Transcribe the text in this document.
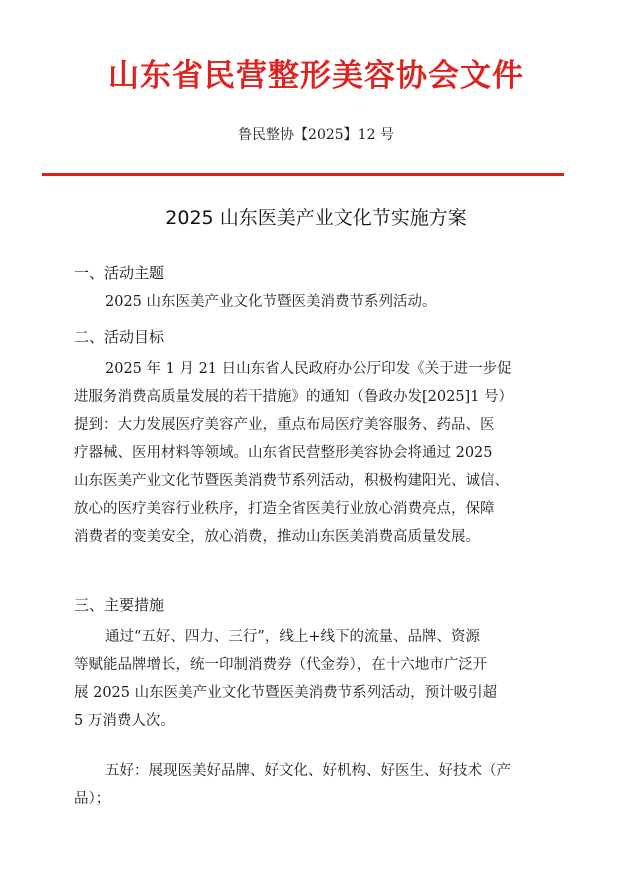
山东省民营整形美容协会文件
鲁民整协【2025】12 号
2025 山东医美产业文化节实施方案
一、活动主题
2025 山东医美产业文化节暨医美消费节系列活动。
二、活动目标
2025 年 1 月 21 日山东省人民政府办公厅印发《关于进一步促
进服务消费高质量发展的若干措施》的通知（鲁政办发[2025]1 号）
提到：大力发展医疗美容产业，重点布局医疗美容服务、药品、医
疗器械、医用材料等领域。山东省民营整形美容协会将通过 2025
山东医美产业文化节暨医美消费节系列活动，积极构建阳光、诚信、
放心的医疗美容行业秩序，打造全省医美行业放心消费亮点，保障
消费者的变美安全，放心消费，推动山东医美消费高质量发展。
三、主要措施
通过“五好、四力、三行”，线上+线下的流量、品牌、资源
等赋能品牌增长，统一印制消费券（代金券），在十六地市广泛开
展 2025 山东医美产业文化节暨医美消费节系列活动，预计吸引超
5 万消费人次。
五好：展现医美好品牌、好文化、好机构、好医生、好技术（产
品）；
